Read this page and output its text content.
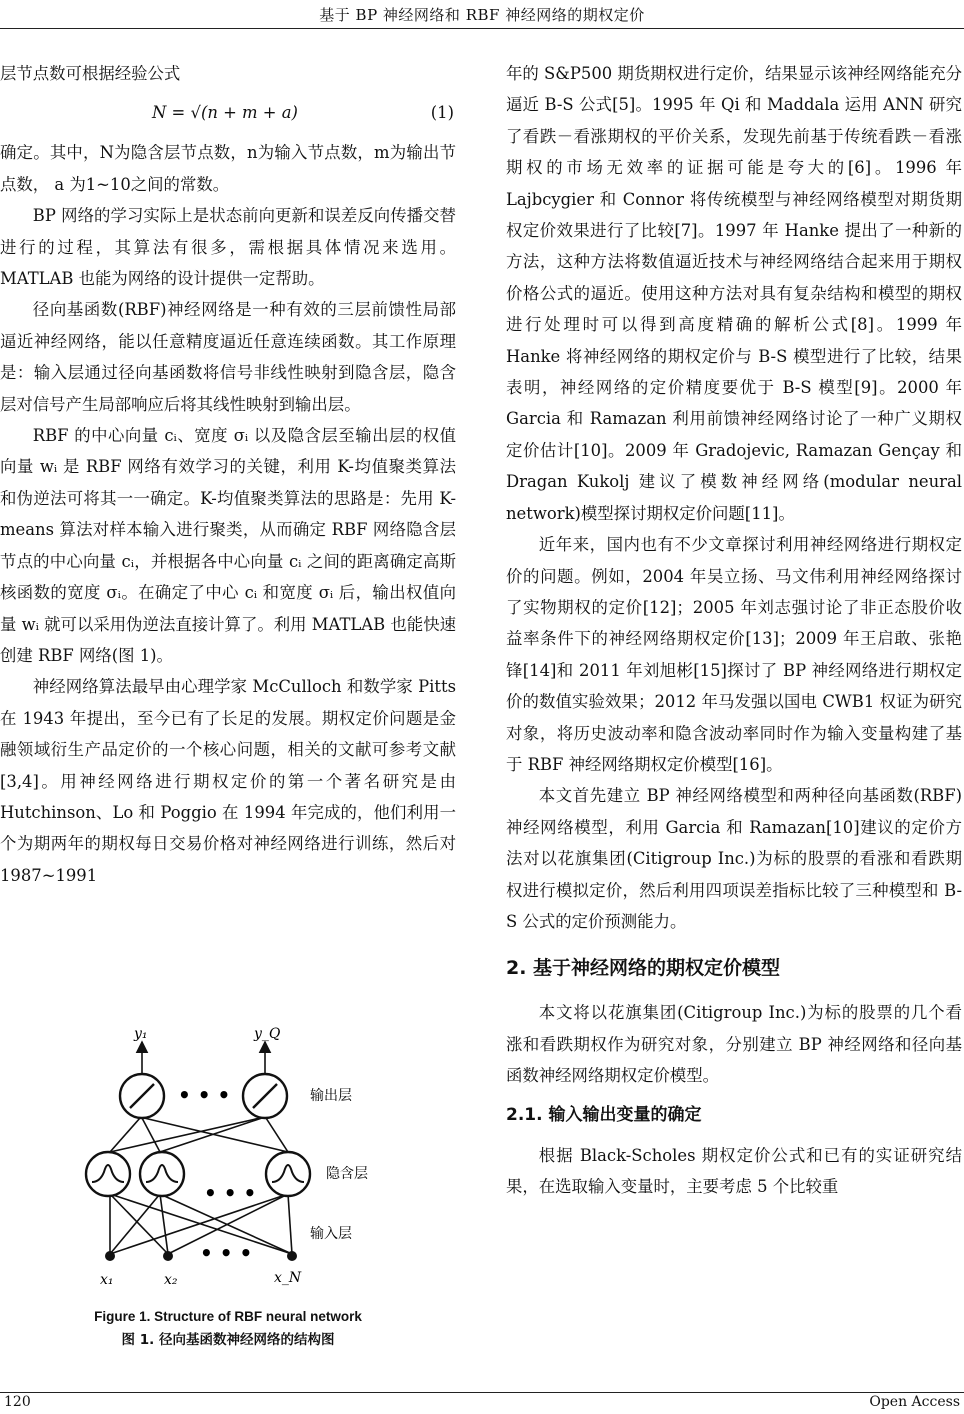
基于 BP 神经网络和 RBF 神经网络的期权定价

层节点数可根据经验公式

N = √(n + m + a)	(1)

确定。其中，N为隐含层节点数，n为输入节点数，m为输出节点数， a 为1~10之间的常数。

BP 网络的学习实际上是状态前向更新和误差反向传播交替进行的过程，其算法有很多，需根据具体情况来选用。MATLAB 也能为网络的设计提供一定帮助。

径向基函数(RBF)神经网络是一种有效的三层前馈性局部逼近神经网络，能以任意精度逼近任意连续函数。其工作原理是：输入层通过径向基函数将信号非线性映射到隐含层，隐含层对信号产生局部响应后将其线性映射到输出层。

RBF 的中心向量 cᵢ、宽度 σᵢ 以及隐含层至输出层的权值向量 wᵢ 是 RBF 网络有效学习的关键，利用 K-均值聚类算法和伪逆法可将其一一确定。K-均值聚类算法的思路是：先用 K-means 算法对样本输入进行聚类，从而确定 RBF 网络隐含层节点的中心向量 cᵢ，并根据各中心向量 cᵢ 之间的距离确定高斯核函数的宽度 σᵢ。在确定了中心 cᵢ 和宽度 σᵢ 后，输出权值向量 wᵢ 就可以采用伪逆法直接计算了。利用 MATLAB 也能快速创建 RBF 网络(图 1)。

神经网络算法最早由心理学家 McCulloch 和数学家 Pitts 在 1943 年提出，至今已有了长足的发展。期权定价问题是金融领域衍生产品定价的一个核心问题，相关的文献可参考文献[3,4]。用神经网络进行期权定价的第一个著名研究是由 Hutchinson、Lo 和 Poggio 在 1994 年完成的，他们利用一个为期两年的期权每日交易价格对神经网络进行训练，然后对 1987~1991

• • •
• • •
• • •
y₁	y_Q
x₁	x₂	x_N
输出层
隐含层
输入层
Figure 1. Structure of RBF neural network
图 1. 径向基函数神经网络的结构图

年的 S&P500 期货期权进行定价，结果显示该神经网络能充分逼近 B-S 公式[5]。1995 年 Qi 和 Maddala 运用 ANN 研究了看跌－看涨期权的平价关系，发现先前基于传统看跌－看涨期权的市场无效率的证据可能是夸大的[6]。1996 年 Lajbcygier 和 Connor 将传统模型与神经网络模型对期货期权定价效果进行了比较[7]。1997 年 Hanke 提出了一种新的方法，这种方法将数值逼近技术与神经网络结合起来用于期权价格公式的逼近。使用这种方法对具有复杂结构和模型的期权进行处理时可以得到高度精确的解析公式[8]。1999 年 Hanke 将神经网络的期权定价与 B-S 模型进行了比较，结果表明，神经网络的定价精度要优于 B-S 模型[9]。2000 年 Garcia 和 Ramazan 利用前馈神经网络讨论了一种广义期权定价估计[10]。2009 年 Gradojevic, Ramazan Gençay 和 Dragan Kukolj 建议了模数神经网络(modular neural network)模型探讨期权定价问题[11]。

近年来，国内也有不少文章探讨利用神经网络进行期权定价的问题。例如，2004 年吴立扬、马文伟利用神经网络探讨了实物期权的定价[12]；2005 年刘志强讨论了非正态股价收益率条件下的神经网络期权定价[13]；2009 年王启敢、张艳锋[14]和 2011 年刘旭彬[15]探讨了 BP 神经网络进行期权定价的数值实验效果；2012 年马发强以国电 CWB1 权证为研究对象，将历史波动率和隐含波动率同时作为输入变量构建了基于 RBF 神经网络期权定价模型[16]。

本文首先建立 BP 神经网络模型和两种径向基函数(RBF)神经网络模型，利用 Garcia 和 Ramazan[10]建议的定价方法对以花旗集团(Citigroup Inc.)为标的股票的看涨和看跌期权进行模拟定价，然后利用四项误差指标比较了三种模型和 B-S 公式的定价预测能力。

2. 基于神经网络的期权定价模型

本文将以花旗集团(Citigroup Inc.)为标的股票的几个看涨和看跌期权作为研究对象，分别建立 BP 神经网络和径向基函数神经网络期权定价模型。

2.1. 输入输出变量的确定

根据 Black-Scholes 期权定价公式和已有的实证研究结果，在选取输入变量时，主要考虑 5 个比较重

120	Open Access
